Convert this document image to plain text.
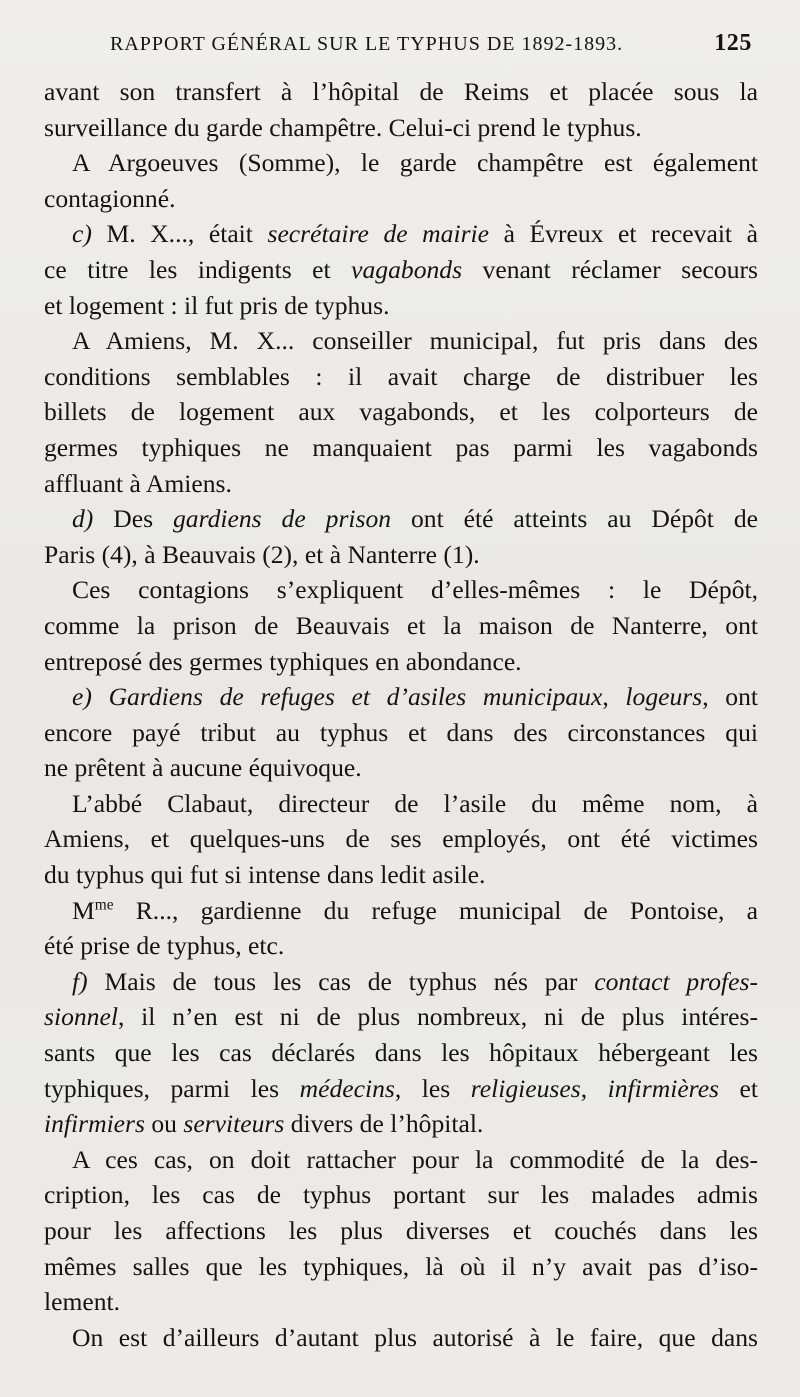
RAPPORT GÉNÉRAL SUR LE TYPHUS DE 1892-1893.	125
avant son transfert à l’hôpital de Reims et placée sous la
surveillance du garde champêtre. Celui-ci prend le typhus.
A Argoeuves (Somme), le garde champêtre est également
contagionné.
c) M. X..., était secrétaire de mairie à Évreux et recevait à
ce titre les indigents et vagabonds venant réclamer secours
et logement : il fut pris de typhus.
A Amiens, M. X... conseiller municipal, fut pris dans des
conditions semblables : il avait charge de distribuer les
billets de logement aux vagabonds, et les colporteurs de
germes typhiques ne manquaient pas parmi les vagabonds
affluant à Amiens.
d) Des gardiens de prison ont été atteints au Dépôt de
Paris (4), à Beauvais (2), et à Nanterre (1).
Ces contagions s’expliquent d’elles-mêmes : le Dépôt,
comme la prison de Beauvais et la maison de Nanterre, ont
entreposé des germes typhiques en abondance.
e) Gardiens de refuges et d’asiles municipaux, logeurs, ont
encore payé tribut au typhus et dans des circonstances qui
ne prêtent à aucune équivoque.
L’abbé Clabaut, directeur de l’asile du même nom, à
Amiens, et quelques-uns de ses employés, ont été victimes
du typhus qui fut si intense dans ledit asile.
$M^{me}$ R..., gardienne du refuge municipal de Pontoise, a
été prise de typhus, etc.
f) Mais de tous les cas de typhus nés par contact profes-
sionnel, il n’en est ni de plus nombreux, ni de plus intéres-
sants que les cas déclarés dans les hôpitaux hébergeant les
typhiques, parmi les médecins, les religieuses, infirmières et
infirmiers ou serviteurs divers de l’hôpital.
A ces cas, on doit rattacher pour la commodité de la des-
cription, les cas de typhus portant sur les malades admis
pour les affections les plus diverses et couchés dans les
mêmes salles que les typhiques, là où il n’y avait pas d’iso-
lement.
On est d’ailleurs d’autant plus autorisé à le faire, que dans
